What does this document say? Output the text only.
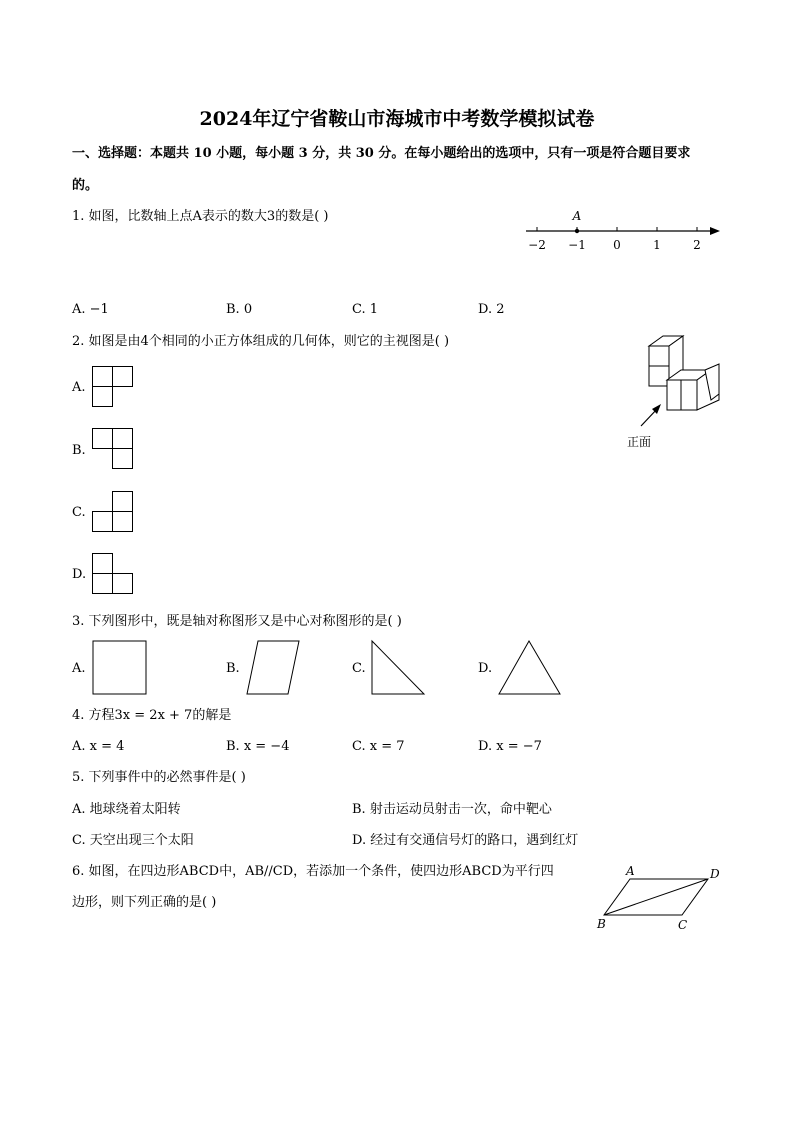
2024年辽宁省鞍山市海城市中考数学模拟试卷
一、选择题：本题共 10 小题，每小题 3 分，共 30 分。在每小题给出的选项中，只有一项是符合题目要求
的。
1. 如图，比数轴上点A表示的数大3的数是( )	A
−2 −1 0	1	2
A. −1	B. 0	C. 1	D. 2
2. 如图是由4个相同的小正方体组成的几何体，则它的主视图是( )
正面
A.
B.
C.
D.
3. 下列图形中，既是轴对称图形又是中心对称图形的是( )
A.	B.	C.	D.
4. 方程3x = 2x + 7的解是
A. x = 4	B. x = −4	C. x = 7	D. x = −7
5. 下列事件中的必然事件是( )
A. 地球绕着太阳转	B. 射击运动员射击一次，命中靶心
C. 天空出现三个太阳	D. 经过有交通信号灯的路口，遇到红灯
6. 如图，在四边形ABCD中，AB//CD，若添加一个条件，使四边形ABCD为平行四
边形，则下列正确的是( )
A	D
B	C
